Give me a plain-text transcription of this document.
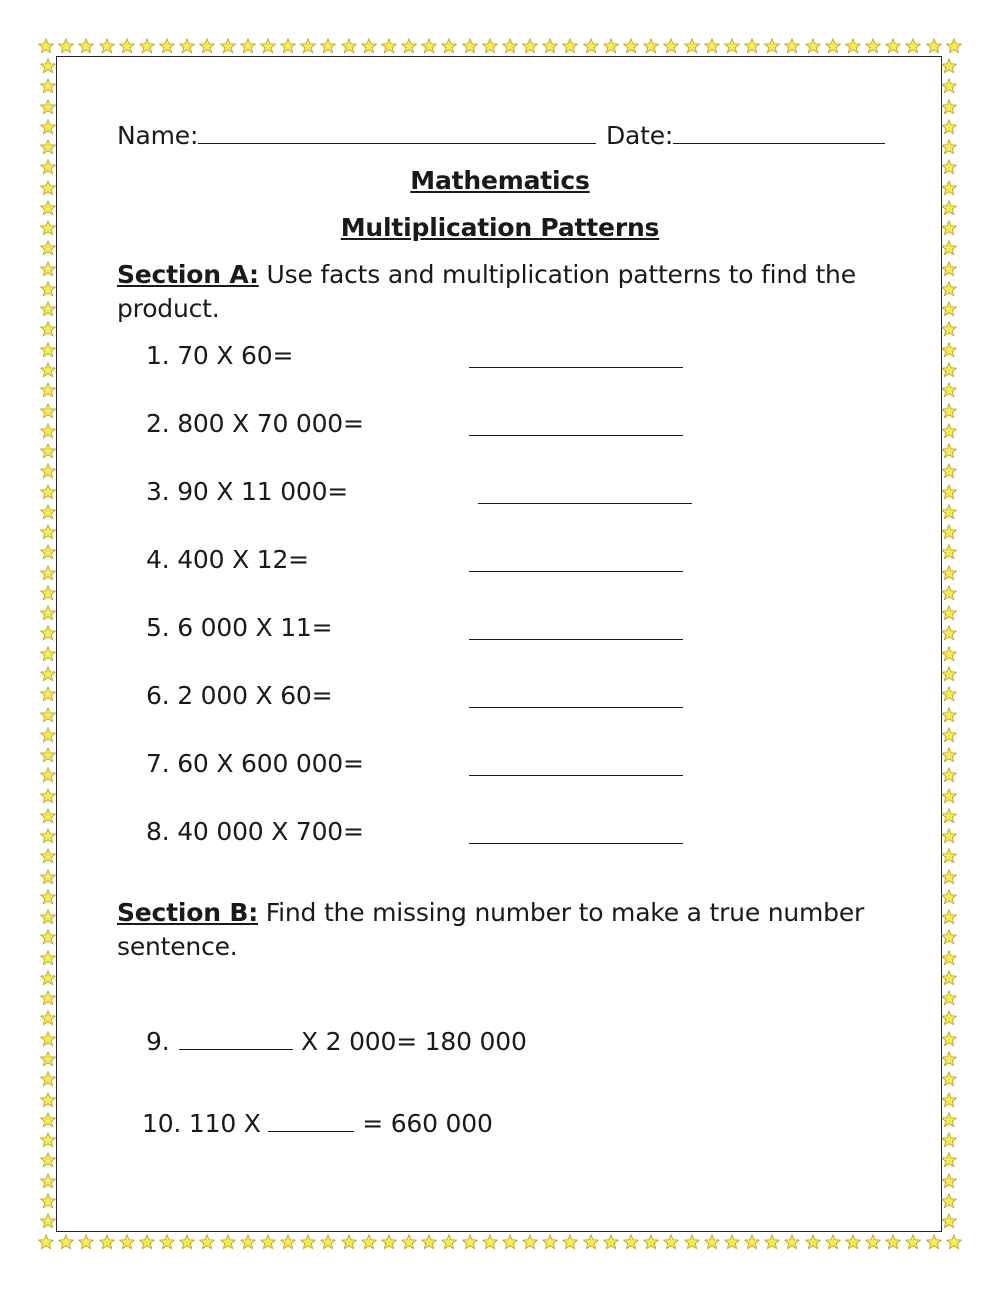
Name:	Date:
Mathematics
Multiplication Patterns
Section A: Use facts and multiplication patterns to find the
product.
1. 70 X 60=
2. 800 X 70 000=
3. 90 X 11 000=
4. 400 X 12=
5. 6 000 X 11=
6. 2 000 X 60=
7. 60 X 600 000=
8. 40 000 X 700=
Section B: Find the missing number to make a true number
sentence.
9.	X 2 000= 180 000
10. 110 X	= 660 000
